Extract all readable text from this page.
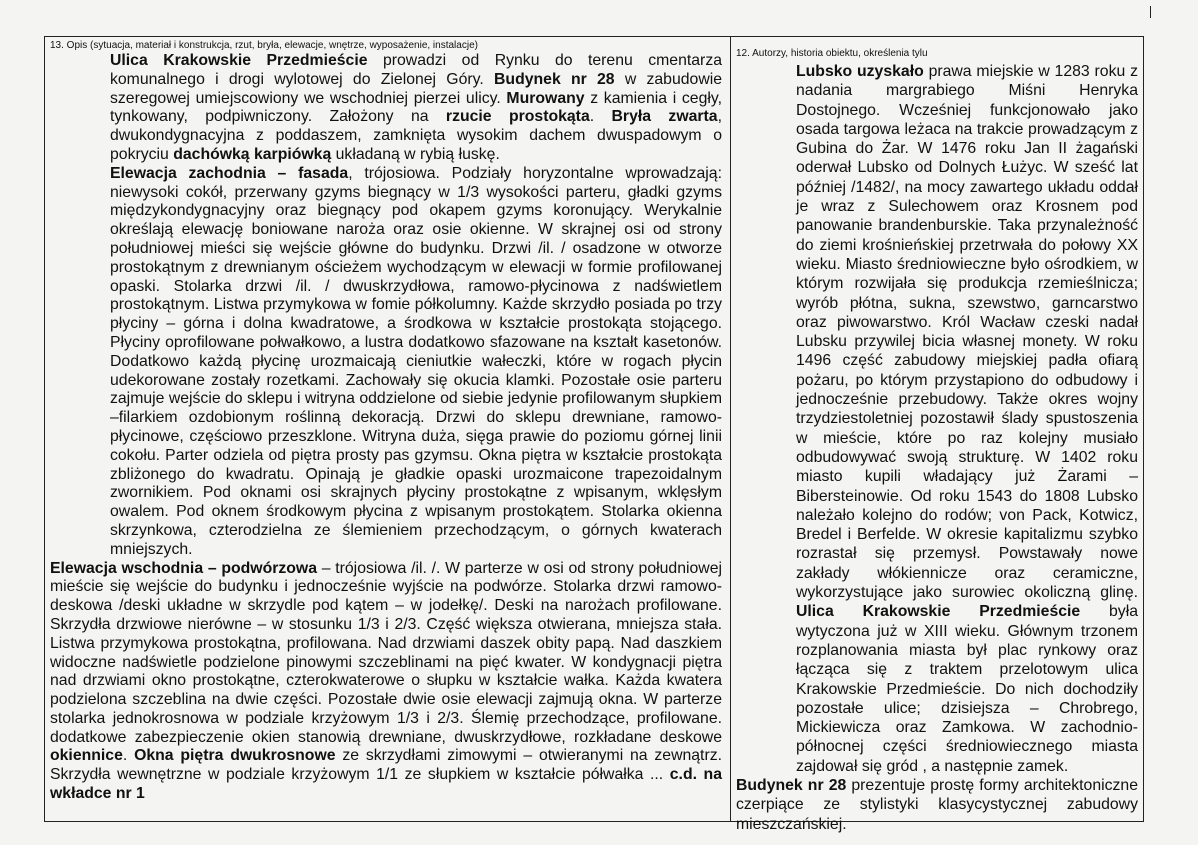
13. Opis (sytuacja, materiał i konstrukcja, rzut, bryła, elewacje, wnętrze, wyposażenie, instalacje)

Ulica Krakowskie Przedmieście prowadzi od Rynku do terenu cmentarza komunalnego i drogi wylotowej do Zielonej Góry. Budynek nr 28 w zabudowie szeregowej umiejscowiony we wschodniej pierzei ulicy. Murowany z kamienia i cegły, tynkowany, podpiwniczony. Założony na rzucie prostokąta. Bryła zwarta, dwukondygnacyjna z poddaszem, zamknięta wysokim dachem dwuspadowym o pokryciu dachówką karpiówką układaną w rybią łuskę.

Elewacja zachodnia – fasada, trójosiowa. Podziały horyzontalne wprowadzają: niewysoki cokół, przerwany gzyms biegnący w 1/3 wysokości parteru, gładki gzyms międzykondygnacyjny oraz biegnący pod okapem gzyms koronujący. Werykalnie określają elewację boniowane naroża oraz osie okienne. W skrajnej osi od strony południowej mieści się wejście główne do budynku. Drzwi /il. / osadzone w otworze prostokątnym z drewnianym ościeżem wychodzącym w elewacji w formie profilowanej opaski. Stolarka drzwi /il. / dwuskrzydłowa, ramowo-płycinowa z nadświetlem prostokątnym. Listwa przymykowa w fomie półkolumny. Każde skrzydło posiada po trzy płyciny – górna i dolna kwadratowe, a środkowa w kształcie prostokąta stojącego. Płyciny oprofilowane połwałkowo, a lustra dodatkowo sfazowane na kształt kasetonów. Dodatkowo każdą płycinę urozmaicają cieniutkie wałeczki, które w rogach płycin udekorowane zostały rozetkami. Zachowały się okucia klamki. Pozostałe osie parteru zajmuje wejście do sklepu i witryna oddzielone od siebie jedynie profilowanym słupkiem –filarkiem ozdobionym roślinną dekoracją. Drzwi do sklepu drewniane, ramowo-płycinowe, częściowo przeszklone. Witryna duża, sięga prawie do poziomu górnej linii cokołu. Parter odziela od piętra prosty pas gzymsu. Okna piętra w kształcie prostokąta zbliżonego do kwadratu. Opinają je gładkie opaski urozmaicone trapezoidalnym zwornikiem. Pod oknami osi skrajnych płyciny prostokątne z wpisanym, wklęsłym owalem. Pod oknem środkowym płycina z wpisanym prostokątem. Stolarka okienna skrzynkowa, czterodzielna ze ślemieniem przechodzącym, o górnych kwaterach mniejszych.

Elewacja wschodnia – podwórzowa – trójosiowa /il. /. W parterze w osi od strony południowej mieście się wejście do budynku i jednocześnie wyjście na podwórze. Stolarka drzwi ramowo-deskowa /deski układne w skrzydle pod kątem – w jodełkę/. Deski na narożach profilowane. Skrzydła drzwiowe nierówne – w stosunku 1/3 i 2/3. Część większa otwierana, mniejsza stała. Listwa przymykowa prostokątna, profilowana. Nad drzwiami daszek obity papą. Nad daszkiem widoczne nadświetle podzielone pinowymi szczeblinami na pięć kwater. W kondygnacji piętra nad drzwiami okno prostokątne, czterokwaterowe o słupku w kształcie wałka. Każda kwatera podzielona szczeblina na dwie części. Pozostałe dwie osie elewacji zajmują okna. W parterze stolarka jednokrosnowa w podziale krzyżowym 1/3 i 2/3. Ślemię przechodzące, profilowane. dodatkowe zabezpieczenie okien stanowią drewniane, dwuskrzydłowe, rozkładane deskowe okiennice. Okna piętra dwukrosnowe ze skrzydłami zimowymi – otwieranymi na zewnątrz. Skrzydła wewnętrzne w podziale krzyżowym 1/1 ze słupkiem w kształcie półwałka ... c.d. na wkładce nr 1

12. Autorzy, historia obiektu, określenia tylu

Lubsko uzyskało prawa miejskie w 1283 roku z nadania margrabiego Miśni Henryka Dostojnego. Wcześniej funkcjonowało jako osada targowa leżaca na trakcie prowadzącym z Gubina do Żar. W 1476 roku Jan II żagański oderwał Lubsko od Dolnych Łużyc. W sześć lat później /1482/, na mocy zawartego układu oddał je wraz z Sulechowem oraz Krosnem pod panowanie brandenburskie. Taka przynależność do ziemi krośnieńskiej przetrwała do połowy XX wieku. Miasto średniowieczne było ośrodkiem, w którym rozwijała się produkcja rzemieślnicza; wyrób płótna, sukna, szewstwo, garncarstwo oraz piwowarstwo. Król Wacław czeski nadał Lubsku przywilej bicia własnej monety. W roku 1496 część zabudowy miejskiej padła ofiarą pożaru, po którym przystapiono do odbudowy i jednocześnie przebudowy. Także okres wojny trzydziestoletniej pozostawił ślady spustoszenia w mieście, które po raz kolejny musiało odbudowywać swoją strukturę. W 1402 roku miasto kupili władający już Żarami – Bibersteinowie. Od roku 1543 do 1808 Lubsko należało kolejno do rodów; von Pack, Kotwicz, Bredel i Berfelde. W okresie kapitalizmu szybko rozrastał się przemysł. Powstawały nowe zakłady włókiennicze oraz ceramiczne, wykorzystujące jako surowiec okoliczną glinę. Ulica Krakowskie Przedmieście była wytyczona już w XIII wieku. Głównym trzonem rozplanowania miasta był plac rynkowy oraz łącząca się z traktem przelotowym ulica Krakowskie Przedmieście. Do nich dochodziły pozostałe ulice; dzisiejsza – Chrobrego, Mickiewicza oraz Zamkowa. W zachodnio-północnej części średniowiecznego miasta zajdował się gród , a następnie zamek.

Budynek nr 28 prezentuje prostę formy architektoniczne czerpiące ze stylistyki klasycystycznej zabudowy mieszczańskiej.
